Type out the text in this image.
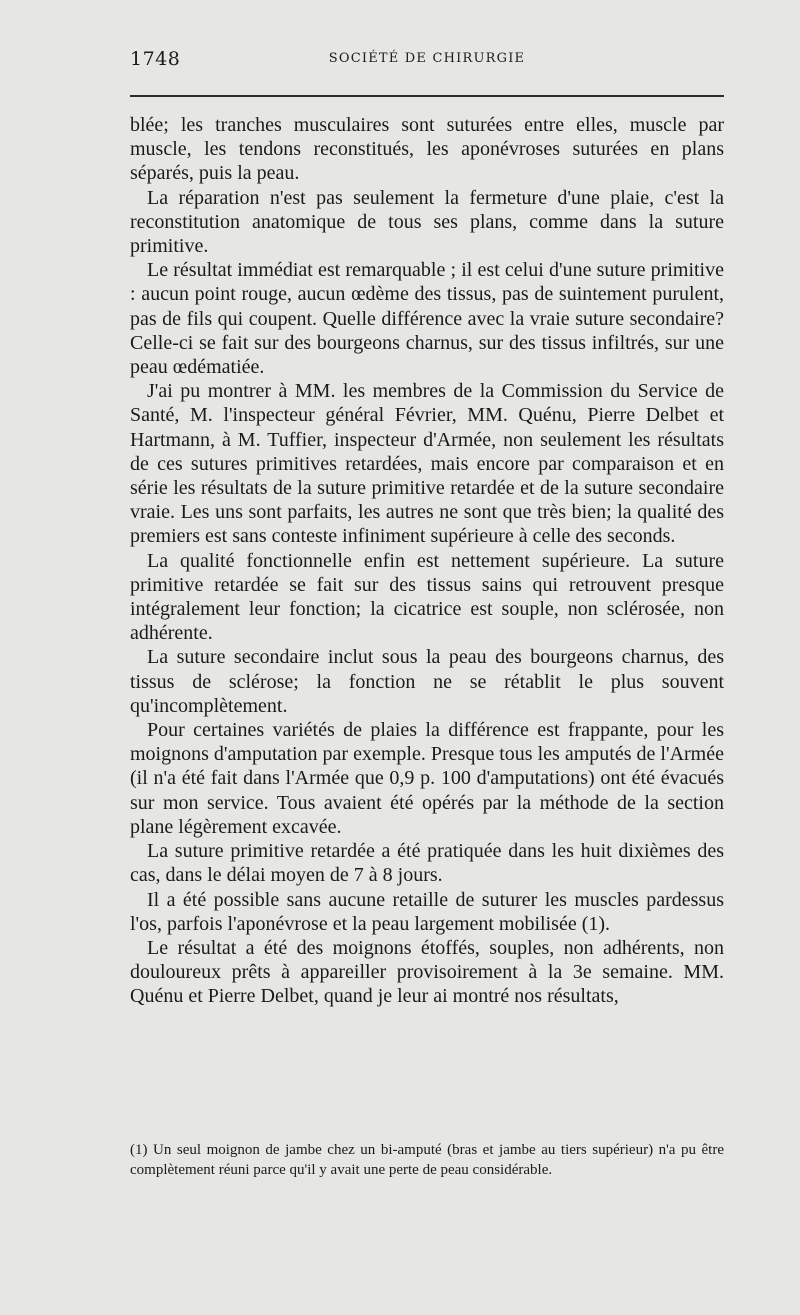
1748	SOCIÉTÉ DE CHIRURGIE

blée; les tranches musculaires sont suturées entre elles, muscle par muscle, les tendons reconstitués, les aponévroses suturées en plans séparés, puis la peau.

La réparation n'est pas seulement la fermeture d'une plaie, c'est la reconstitution anatomique de tous ses plans, comme dans la suture primitive.

Le résultat immédiat est remarquable ; il est celui d'une suture primitive : aucun point rouge, aucun œdème des tissus, pas de suintement purulent, pas de fils qui coupent. Quelle différence avec la vraie suture secondaire? Celle-ci se fait sur des bourgeons charnus, sur des tissus infiltrés, sur une peau œdématiée.

J'ai pu montrer à MM. les membres de la Commission du Service de Santé, M. l'inspecteur général Février, MM. Quénu, Pierre Delbet et Hartmann, à M. Tuffier, inspecteur d'Armée, non seulement les résultats de ces sutures primitives retardées, mais encore par comparaison et en série les résultats de la suture primitive retardée et de la suture secondaire vraie. Les uns sont parfaits, les autres ne sont que très bien; la qualité des premiers est sans conteste infiniment supérieure à celle des seconds.

La qualité fonctionnelle enfin est nettement supérieure. La suture primitive retardée se fait sur des tissus sains qui retrouvent presque intégralement leur fonction; la cicatrice est souple, non sclérosée, non adhérente.

La suture secondaire inclut sous la peau des bourgeons charnus, des tissus de sclérose; la fonction ne se rétablit le plus souvent qu'incomplètement.

Pour certaines variétés de plaies la différence est frappante, pour les moignons d'amputation par exemple. Presque tous les amputés de l'Armée (il n'a été fait dans l'Armée que 0,9 p. 100 d'amputations) ont été évacués sur mon service. Tous avaient été opérés par la méthode de la section plane légèrement excavée.

La suture primitive retardée a été pratiquée dans les huit dixièmes des cas, dans le délai moyen de 7 à 8 jours.

Il a été possible sans aucune retaille de suturer les muscles pardessus l'os, parfois l'aponévrose et la peau largement mobilisée (1).

Le résultat a été des moignons étoffés, souples, non adhérents, non douloureux prêts à appareiller provisoirement à la 3e semaine. MM. Quénu et Pierre Delbet, quand je leur ai montré nos résultats,

(1) Un seul moignon de jambe chez un bi-amputé (bras et jambe au tiers supérieur) n'a pu être complètement réuni parce qu'il y avait une perte de peau considérable.
